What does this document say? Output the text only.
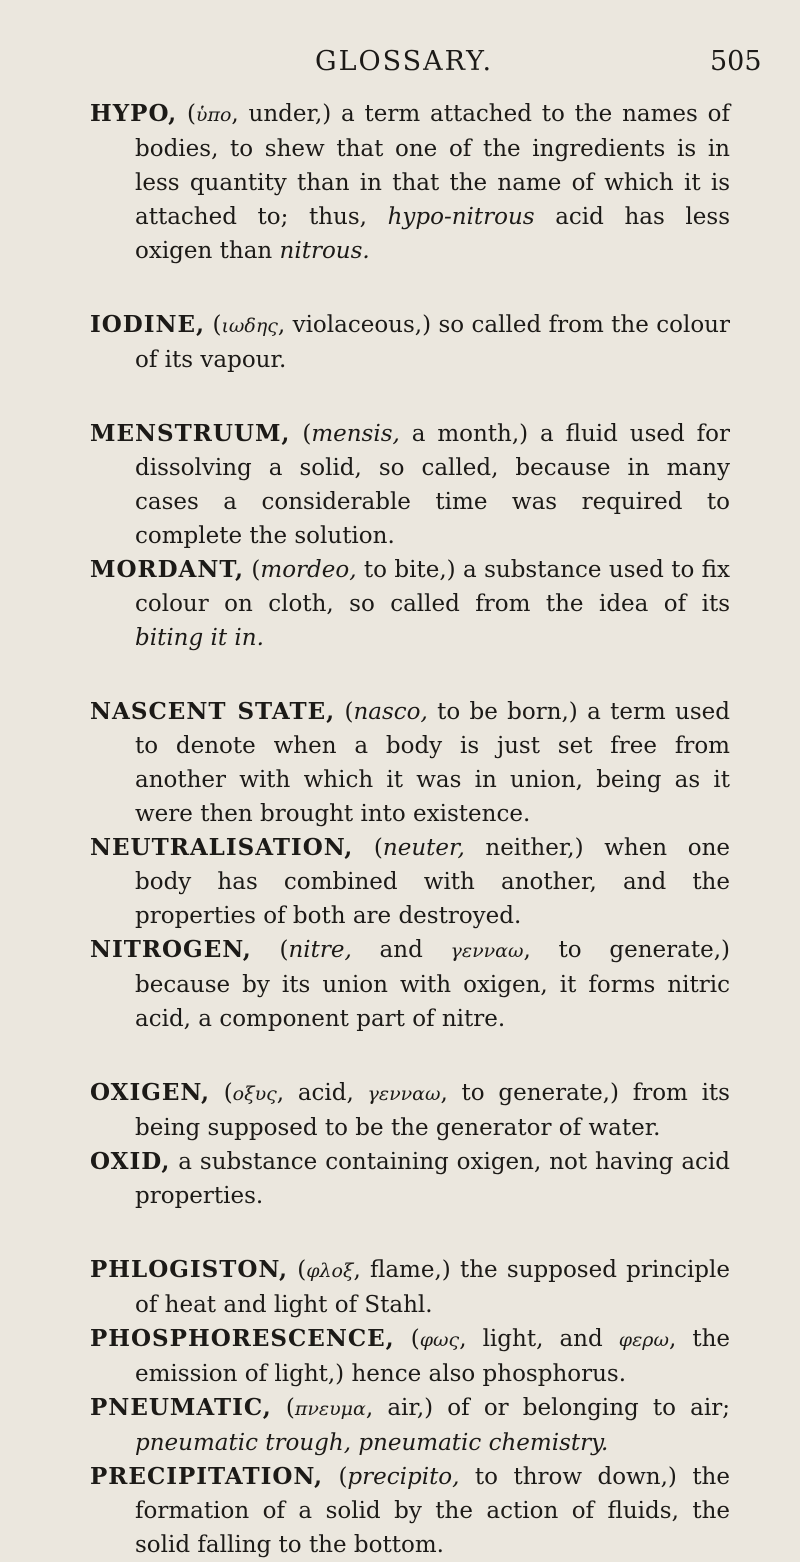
GLOSSARY.	505

HYPO, (ὑπο, under,) a term attached to the names of bodies, to shew that one of the ingredients is in less quantity than in that the name of which it is attached to; thus, hypo-nitrous acid has less oxigen than nitrous.

IODINE, (ιωδης, violaceous,) so called from the colour of its vapour.

MENSTRUUM, (mensis, a month,) a fluid used for dissolving a solid, so called, because in many cases a considerable time was required to complete the solution.

MORDANT, (mordeo, to bite,) a substance used to fix colour on cloth, so called from the idea of its biting it in.

NASCENT STATE, (nasco, to be born,) a term used to denote when a body is just set free from another with which it was in union, being as it were then brought into existence.

NEUTRALISATION, (neuter, neither,) when one body has combined with another, and the properties of both are destroyed.

NITROGEN, (nitre, and γενναω, to generate,) because by its union with oxigen, it forms nitric acid, a component part of nitre.

OXIGEN, (οξυς, acid, γενναω, to generate,) from its being supposed to be the generator of water.

OXID, a substance containing oxigen, not having acid properties.

PHLOGISTON, (φλοξ, flame,) the supposed principle of heat and light of Stahl.

PHOSPHORESCENCE, (φως, light, and φερω, the emission of light,) hence also phosphorus.

PNEUMATIC, (πνευμα, air,) of or belonging to air; pneumatic trough, pneumatic chemistry.

PRECIPITATION, (precipito, to throw down,) the formation of a solid by the action of fluids, the solid falling to the bottom.
